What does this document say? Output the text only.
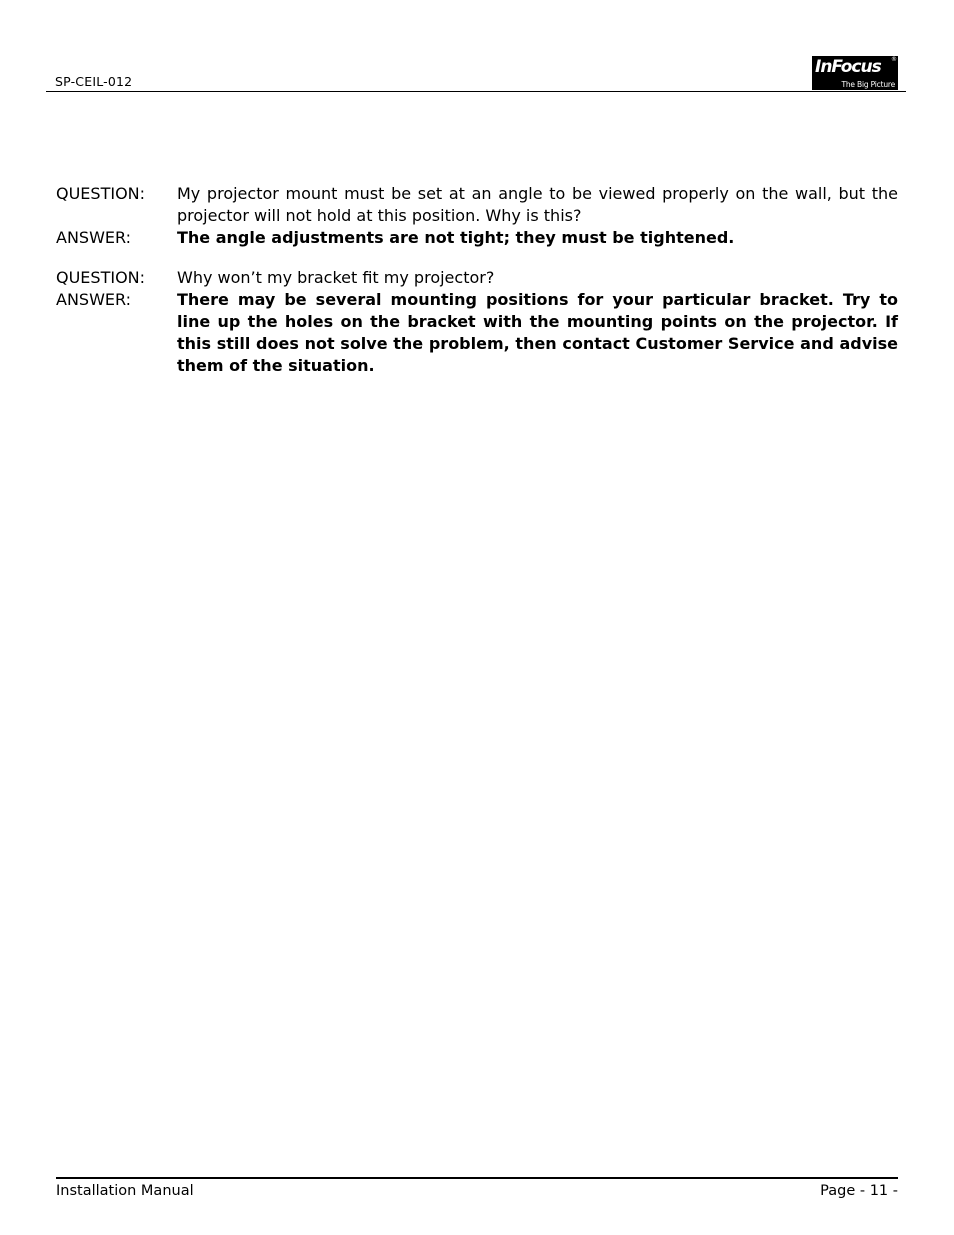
SP-CEIL-012
InFocus ®
The Big Picture
QUESTION:	My projector mount must be set at an angle to be viewed properly on the wall, but the projector will not hold at this position. Why is this?
ANSWER:	The angle adjustments are not tight; they must be tightened.
QUESTION:	Why won’t my bracket fit my projector?
ANSWER:	There may be several mounting positions for your particular bracket. Try to line up the holes on the bracket with the mounting points on the projector. If this still does not solve the problem, then contact Customer Service and advise them of the situation.
Installation Manual	Page - 11 -
